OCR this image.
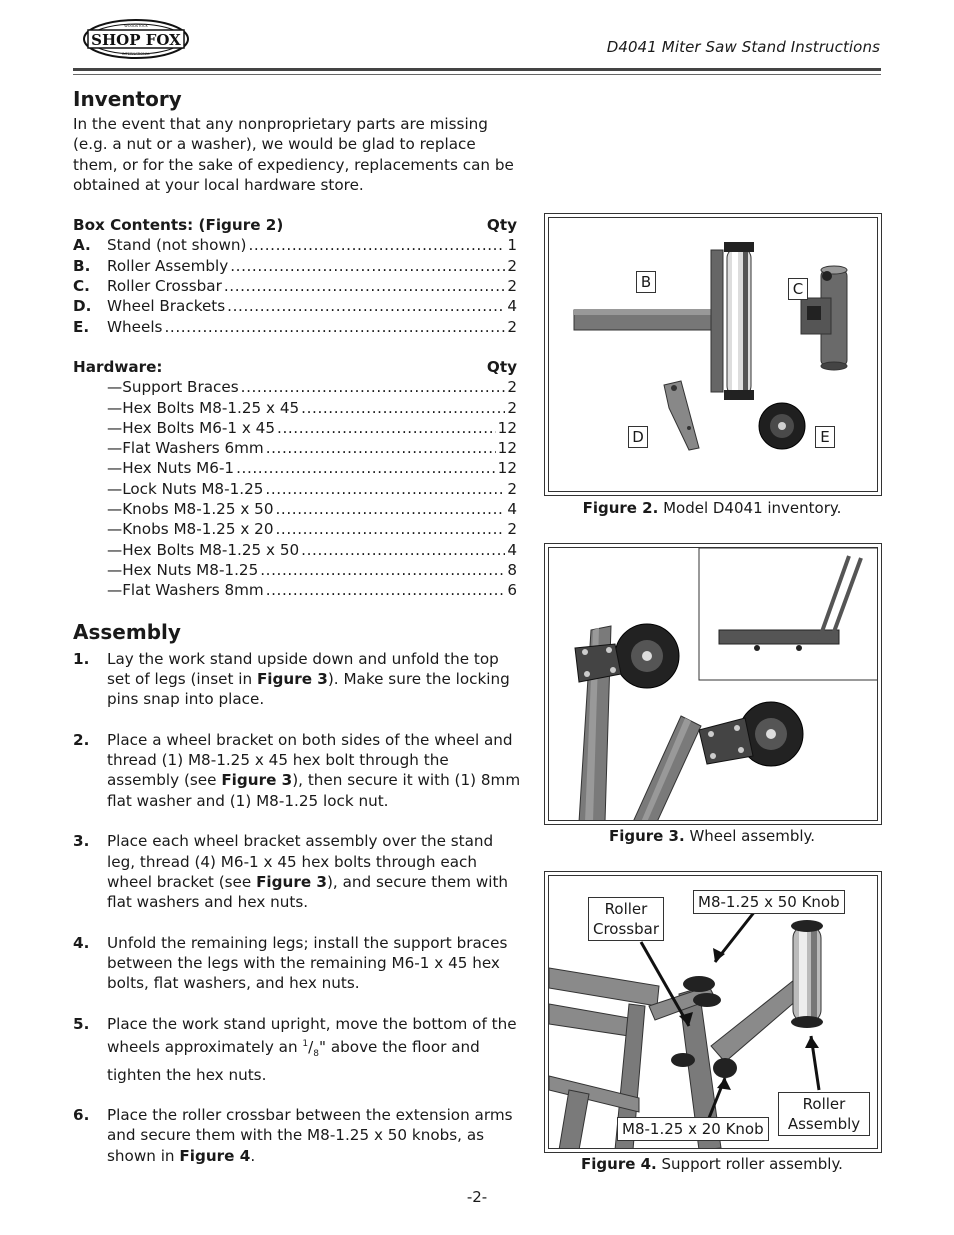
SHOP FOX
WOODSTOCK
INTERNATIONAL	D4041 Miter Saw Stand Instructions
Inventory

In the event that any nonproprietary parts are missing (e.g. a nut or a washer), we would be glad to replace them, or for the sake of expediency, replacements can be obtained at your local hardware store.

Box Contents: (Figure 2)	Qty
A.	Stand (not shown) .....	1
B.	Roller Assembly .....	2
C.	Roller Crossbar .....	2
D.	Wheel Brackets .....	4
E.	Wheels .....	2
Hardware:	Qty
— Support Braces .....	2
— Hex Bolts M8-1.25 x 45 .....	2
— Hex Bolts M6-1 x 45 .....	12
— Flat Washers 6mm .....	12
— Hex Nuts M6-1 .....	12
— Lock Nuts M8-1.25 .....	2
— Knobs M8-1.25 x 50 .....	4
— Knobs M8-1.25 x 20 .....	2
— Hex Bolts M8-1.25 x 50 .....	4
— Hex Nuts M8-1.25 .....	8
— Flat Washers 8mm .....	6
Assembly
1.	Lay the work stand upside down and unfold the top set of legs (inset in Figure 3). Make sure the locking pins snap into place.
2.	Place a wheel bracket on both sides of the wheel and thread (1) M8-1.25 x 45 hex bolt through the assembly (see Figure 3), then secure it with (1) 8mm flat washer and (1) M8-1.25 lock nut.
3.	Place each wheel bracket assembly over the stand leg, thread (4) M6-1 x 45 hex bolts through each wheel bracket (see Figure 3), and secure them with flat washers and hex nuts.
4.	Unfold the remaining legs; install the support braces between the legs with the remaining M6-1 x 45 hex bolts, flat washers, and hex nuts.
5.	Place the work stand upright, move the bottom of the wheels approximately an $^1/_8$" above the floor and tighten the hex nuts.
6.	Place the roller crossbar between the extension arms and secure them with the M8-1.25 x 50 knobs, as shown in Figure 4.
B	C
D	E
Figure 2. Model D4041 inventory.
Figure 3. Wheel assembly.
Roller
Crossbar
M8-1.25 x 50 Knob
M8-1.25 x 20 Knob
Roller
Assembly
Figure 4. Support roller assembly.
-2-
